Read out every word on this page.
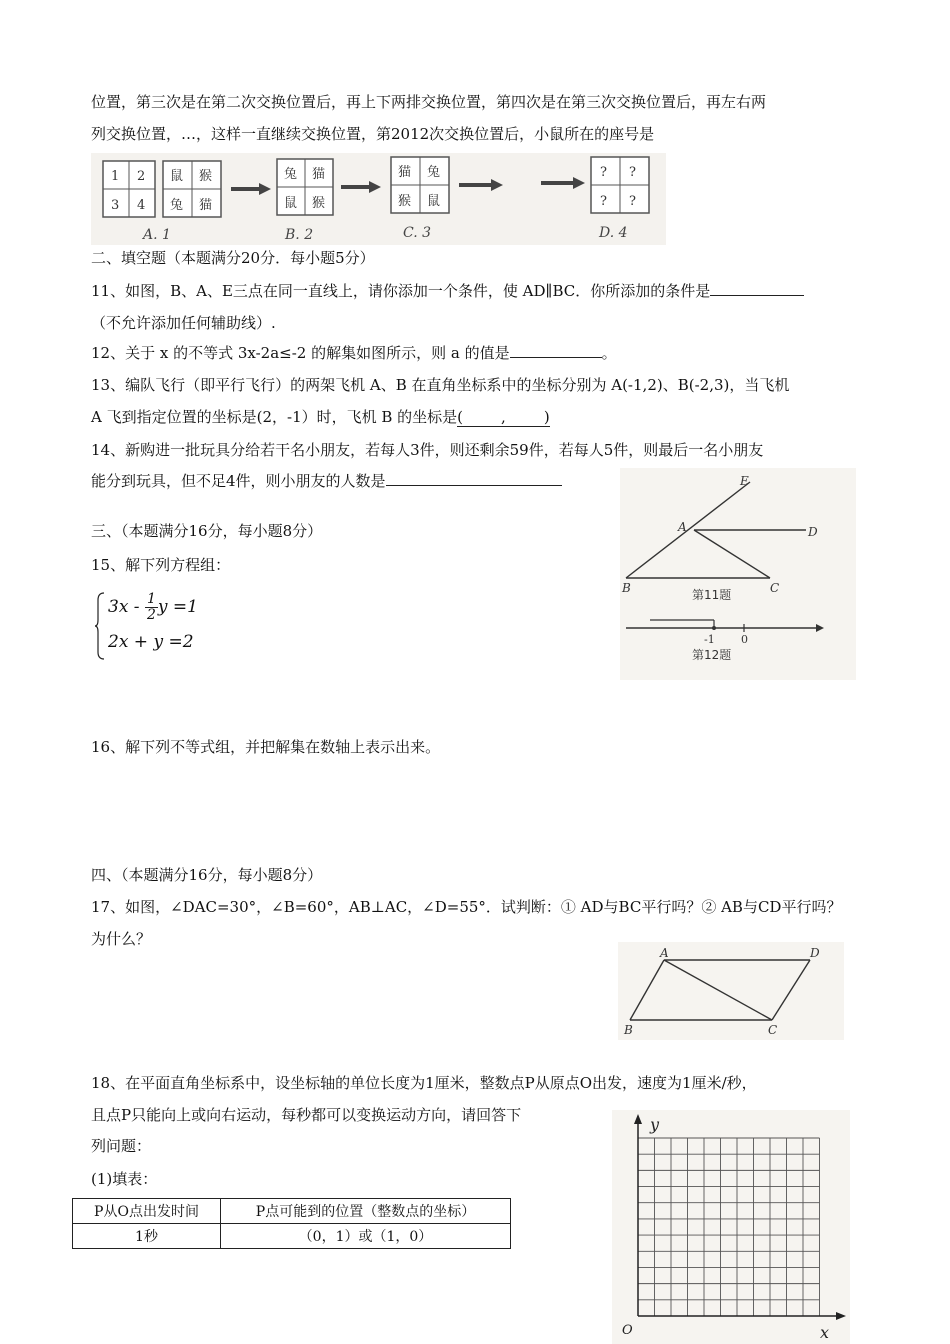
位置，第三次是在第二次交换位置后，再上下两排交换位置，第四次是在第三次交换位置后，再左右两
列交换位置，…，这样一直继续交换位置，第2012次交换位置后，小鼠所在的座号是
1 2
3 4
鼠 猴
兔 猫
A. 1
兔 猫
鼠 猴
B. 2
猫 兔
猴 鼠
C. 3
? ?
? ?
D. 4
二、填空题（本题满分20分．每小题5分）
11、如图，B、A、E三点在同一直线上，请你添加一个条件，使 AD∥BC．你所添加的条件是
（不允许添加任何辅助线）.
12、关于 x 的不等式 3x-2a≤-2 的解集如图所示，则 a 的值是	。
13、编队飞行（即平行飞行）的两架飞机 A、B 在直角坐标系中的坐标分别为 A(-1,2)、B(-2,3)，当飞机
A 飞到指定位置的坐标是(2，-1）时，飞机 B 的坐标是(	,	)
14、新购进一批玩具分给若干名小朋友，若每人3件，则还剩余59件，若每人5件，则最后一名小朋友
能分到玩具，但不足4件，则小朋友的人数是	E
A	D
B	C
第11题
-1 0
第12题
三、（本题满分16分，每小题8分）
15、解下列方程组：
$3x - \frac{1}{2}y =1$
2x + y =2
16、解下列不等式组，并把解集在数轴上表示出来。
四、（本题满分16分，每小题8分）
17、如图，∠DAC=30°，∠B=60°，AB⊥AC，∠D=55°．试判断：① AD与BC平行吗？② AB与CD平行吗？
为什么？
A	D
B	C
18、在平面直角坐标系中，设坐标轴的单位长度为1厘米，整数点P从原点O出发，速度为1厘米/秒，
且点P只能向上或向右运动，每秒都可以变换运动方向，请回答下
列问题：
(1)填表：
P从O点出发时间	P点可能到的位置（整数点的坐标）
1秒	（0，1）或（1，0）
y
x
O
